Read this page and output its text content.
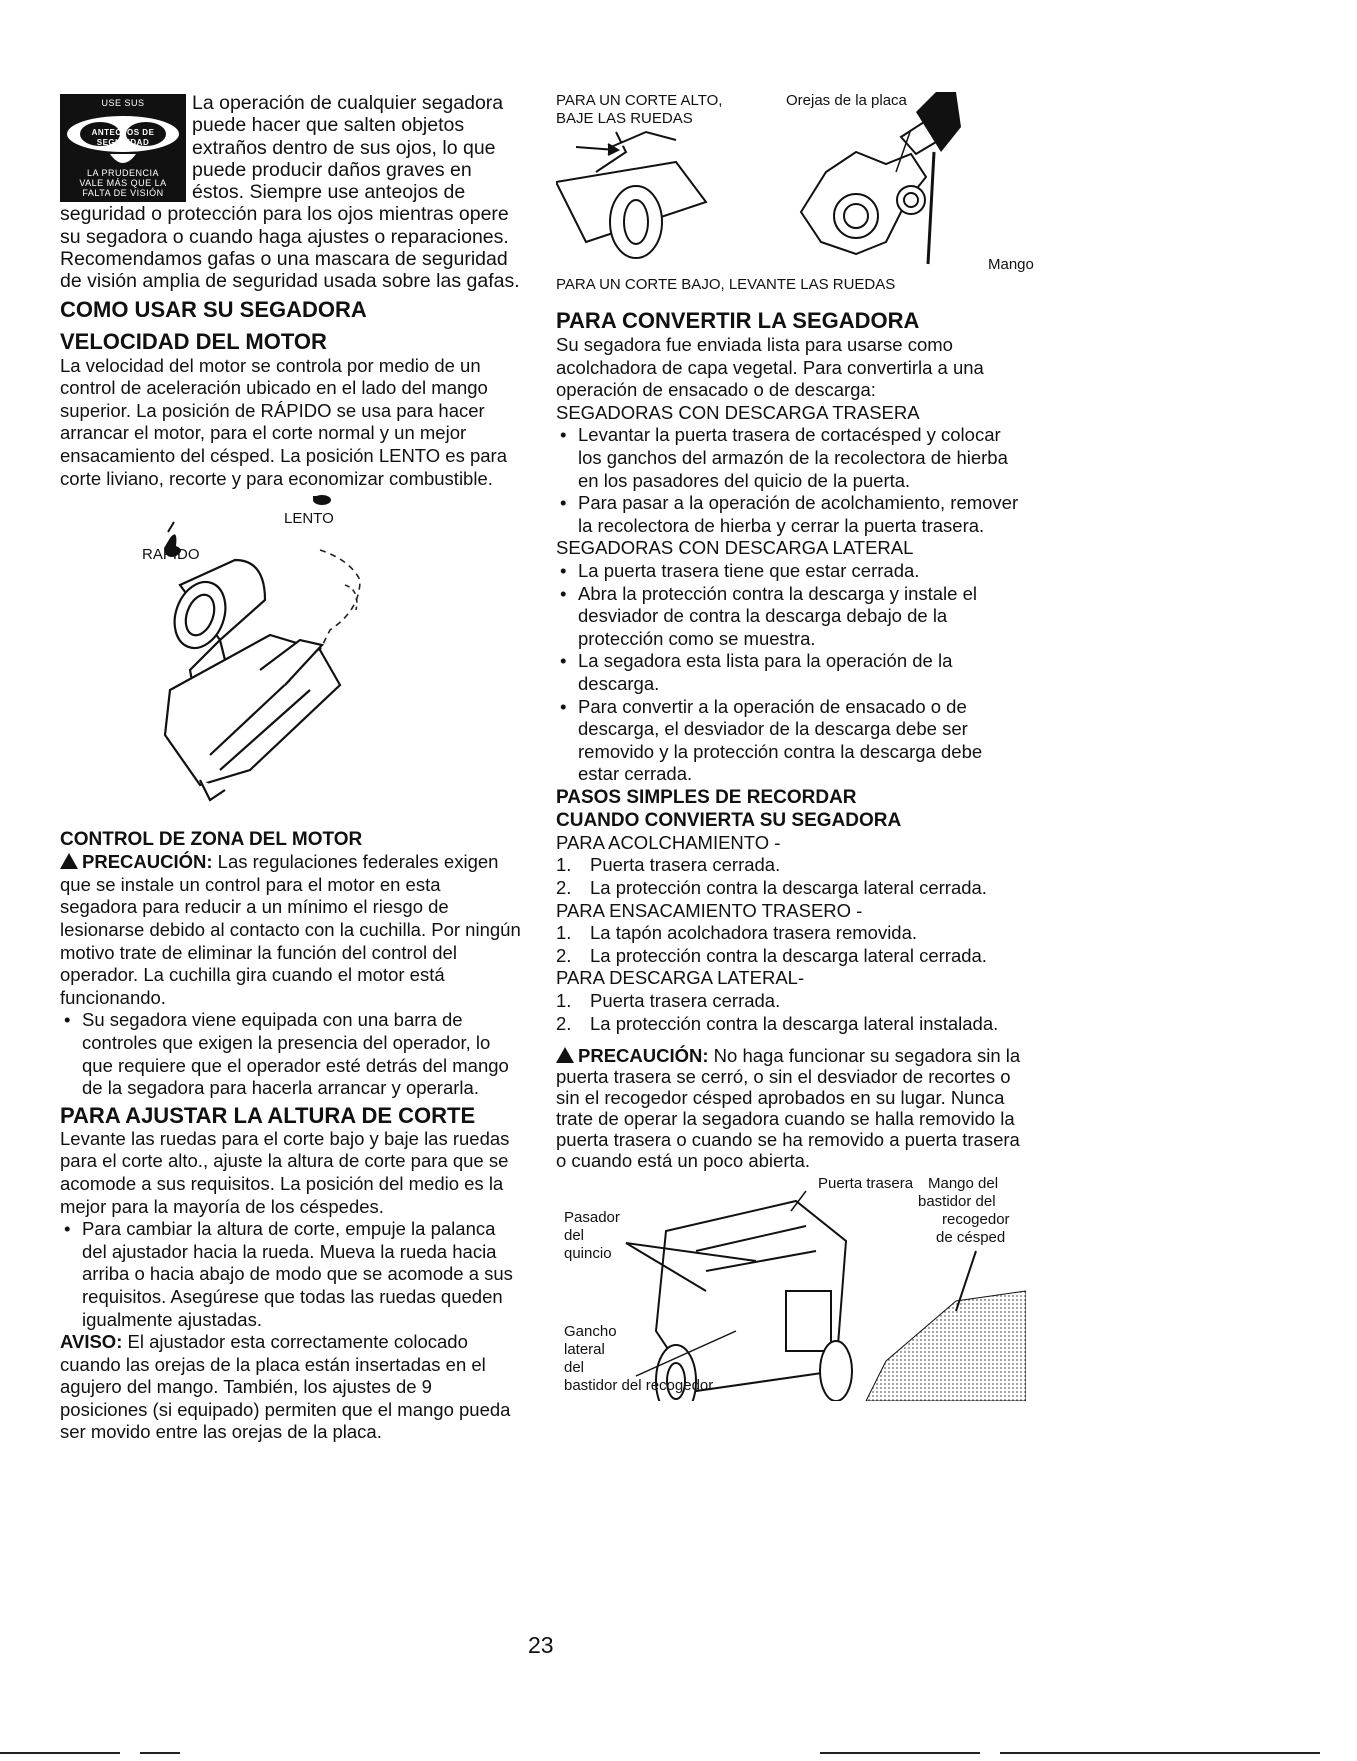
USE SUS
ANTEOJOS DE
SEGURIDAD
LA PRUDENCIA
VALE MÁS QUE LA
FALTA DE VISIÓN

La operación de cualquier segadora puede hacer que salten objetos extraños dentro de sus ojos, lo que puede producir daños graves en éstos. Siempre use anteojos de seguridad o protección para los ojos mientras opere su segadora o cuando haga ajustes o reparaciones. Recomendamos gafas o una mascara de seguridad de visión amplia de seguridad usada sobre las gafas.

COMO USAR SU SEGADORA
VELOCIDAD DEL MOTOR

La velocidad del motor se controla por medio de un control de aceleración ubicado en el lado del mango superior. La posición de RÁPIDO se usa para hacer arrancar el motor, para el corte normal y un mejor ensacamiento del césped. La posición LENTO es para corte liviano, recorte y para economizar combustible.

LENTO
RAPIDO
CONTROL DE ZONA DEL MOTOR

PRECAUCIÓN: Las regulaciones federales exigen que se instale un control para el motor en esta segadora para reducir a un mínimo el riesgo de lesionarse debido al contacto con la cuchilla. Por ningún motivo trate de eliminar la función del control del operador. La cuchilla gira cuando el motor está funcionando.

• Su segadora viene equipada con una barra de controles que exigen la presencia del operador, lo que requiere que el operador esté detrás del mango de la segadora para hacerla arrancar y operarla.
PARA AJUSTAR LA ALTURA DE CORTE

Levante las ruedas para el corte bajo y baje las ruedas para el corte alto., ajuste la altura de corte para que se acomode a sus requisitos. La posición del medio es la mejor para la mayoría de los céspedes.

• Para cambiar la altura de corte, empuje la palanca del ajustador hacia la rueda. Mueva la rueda hacia arriba o hacia abajo de modo que se acomode a sus requisitos. Asegúrese que todas las ruedas queden igualmente ajustadas.

AVISO: El ajustador esta correctamente colocado cuando las orejas de la placa están insertadas en el agujero del mango. También, los ajustes de 9 posiciones (si equipado) permiten que el mango pueda ser movido entre las orejas de la placa.

PARA UN CORTE ALTO,
BAJE LAS RUEDAS
Orejas de la placa
Mango
PARA UN CORTE BAJO, LEVANTE LAS RUEDAS
PARA CONVERTIR LA SEGADORA

Su segadora fue enviada lista para usarse como acolchadora de capa vegetal. Para convertirla a una operación de ensacado o de descarga:

SEGADORAS CON DESCARGA TRASERA

• Levantar la puerta trasera de cortacésped y colocar los ganchos del armazón de la recolectora de hierba en los pasadores del quicio de la puerta.
• Para pasar a la operación de acolchamiento, remover la recolectora de hierba y cerrar la puerta trasera.

SEGADORAS CON DESCARGA LATERAL

• La puerta trasera tiene que estar cerrada.
• Abra la protección contra la descarga y instale el desviador de contra la descarga debajo de la protección como se muestra.
• La segadora esta lista para la operación de la descarga.
• Para convertir a la operación de ensacado o de descarga, el desviador de la descarga debe ser removido y la protección contra la descarga debe estar cerrada.
PASOS SIMPLES DE RECORDAR
CUANDO CONVIERTA SU SEGADORA

PARA ACOLCHAMIENTO -

1. Puerta trasera cerrada.
2. La protección contra la descarga lateral cerrada.

PARA ENSACAMIENTO TRASERO -

1. La tapón acolchadora trasera removida.
2. La protección contra la descarga lateral cerrada.

PARA DESCARGA LATERAL-

1. Puerta trasera cerrada.
2. La protección contra la descarga lateral instalada.

PRECAUCIÓN: No haga funcionar su segadora sin la puerta trasera se cerró, o sin el desviador de recortes o sin el recogedor césped aprobados en su lugar. Nunca trate de operar la segadora cuando se halla removido la puerta trasera o cuando se ha removido a puerta trasera o cuando está un poco abierta.

Puerta trasera Mango del
bastidor del
recogedor
de césped
Pasador
del
quincio
Gancho
lateral
del
bastidor del recogedor
23
